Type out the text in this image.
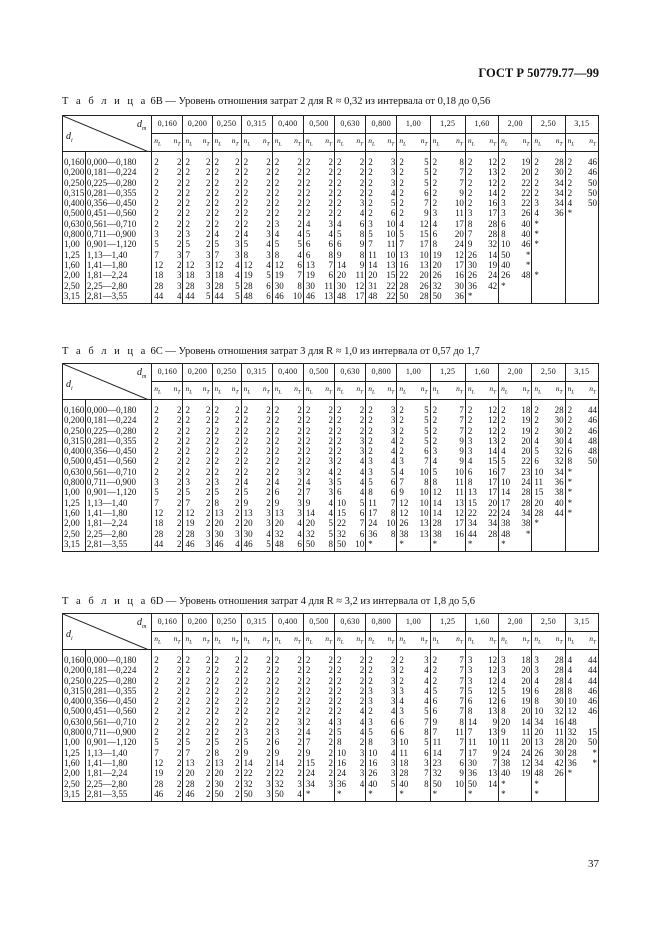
ГОСТ Р 50779.77—99
Т а б л и ц а 6В — Уровень отношения затрат 2 для R ≈ 0,32 из интервала от 0,18 до 0,56
$d_т$
$d_i$		0,160		0,200		0,250		0,315		0,400		0,500		0,630		0,800		1,00		1,25		1,60		2,00		2,50		3,15	
		$n_L$	$n_T$	$n_L$	$n_T$	$n_L$	$n_T$	$n_L$	$n_T$	$n_L$	$n_T$	$n_L$	$n_T$	$n_L$	$n_T$	$n_L$	$n_T$	$n_L$	$n_T$	$n_L$	$n_T$	$n_L$	$n_T$	$n_L$	$n_T$	$n_L$	$n_T$	$n_L$	$n_T$
0,160	0,000—0,180	2	2	2	2	2	2	2	2	2	2	2	2	2	2	2	3	2	5	2	8	2	12	2	19	2	28	2	46
0,200	0,181—0,224	2	2	2	2	2	2	2	2	2	2	2	2	2	2	2	3	2	5	2	7	2	13	2	20	2	30	2	46
0,250	0,225—0,280	2	2	2	2	2	2	2	2	2	2	2	2	2	2	2	3	2	5	2	7	2	12	2	22	2	34	2	50
0,315	0,281—0,355	2	2	2	2	2	2	2	2	2	2	2	2	2	2	2	4	2	6	2	9	2	14	2	22	2	34	2	50
0,400	0,356—0,450	2	2	2	2	2	2	2	2	2	2	2	2	2	3	2	5	2	7	2	10	2	16	3	22	3	34	4	50
0,500	0,451—0,560	2	2	2	2	2	2	2	2	2	2	2	2	2	4	2	6	2	9	3	11	3	17	3	26	4	36	*	
0,630	0,561—0,710	2	2	2	2	2	2	2	2	3	2	4	3	4	6	3	10	4	12	4	17	8	28	6	40	*			
0,800	0,711—0,900	3	2	3	2	4	2	4	3	4	4	5	4	5	8	5	10	5	15	6	20	7	28	8	40	*			
1,00	0,901—1,120	5	2	5	2	5	3	5	4	5	5	6	6	6	9	7	11	7	17	8	24	9	32	10	46	*			
1,25	1,13—1,40	7	3	7	3	7	3	8	3	8	4	6	8	9	8	11	10	13	10	19	12	26	14	50	*				
1,60	1,41—1,80	12	2	12	3	12	4	12	4	12	6	13	7	14	9	14	13	16	13	20	17	30	19	40	*				
2,00	1,81—2,24	18	3	18	3	18	4	19	5	19	7	19	6	20	11	20	15	22	20	26	16	26	24	26	48	*			
2,50	2,25—2,80	28	3	28	3	28	5	28	6	30	8	30	11	30	12	31	22	28	26	32	30	36	42	*					
3,15	2,81—3,55	44	4	44	5	44	5	48	6	46	10	46	13	48	17	48	22	50	28	50	36	*							
Т а б л и ц а 6С — Уровень отношения затрат 3 для R ≈ 1,0 из интервала от 0,57 до 1,7
$d_т$
$d_i$		0,160		0,200		0,250		0,315		0,400		0,500		0,630		0,800		1,00		1,25		1,60		2,00		2,50		3,15	
		$n_L$	$n_T$	$n_L$	$n_T$	$n_L$	$n_T$	$n_L$	$n_T$	$n_L$	$n_T$	$n_L$	$n_T$	$n_L$	$n_T$	$n_L$	$n_T$	$n_L$	$n_T$	$n_L$	$n_T$	$n_L$	$n_T$	$n_L$	$n_T$	$n_L$	$n_T$	$n_L$	$n_T$
0,160	0,000—0,180	2	2	2	2	2	2	2	2	2	2	2	2	2	2	2	3	2	5	2	7	2	12	2	18	2	28	2	44
0,200	0,181—0,224	2	2	2	2	2	2	2	2	2	2	2	2	2	2	2	3	2	5	2	7	2	12	2	19	2	30	2	46
0,250	0,225—0,280	2	2	2	2	2	2	2	2	2	2	2	2	2	2	2	3	2	5	2	7	2	12	2	19	2	30	2	46
0,315	0,281—0,355	2	2	2	2	2	2	2	2	2	2	2	2	2	3	2	4	2	5	2	9	3	13	2	20	4	30	4	48
0,400	0,356—0,450	2	2	2	2	2	2	2	2	2	2	2	2	2	3	2	4	2	6	3	9	3	14	4	20	5	32	6	48
0,500	0,451—0,560	2	2	2	2	2	2	2	2	2	2	2	3	2	4	3	4	3	7	4	9	4	15	5	22	6	32	8	50
0,630	0,561—0,710	2	2	2	2	2	2	2	2	2	3	2	4	2	4	3	5	4	10	5	10	6	16	7	23	10	34	*	
0,800	0,711—0,900	3	2	3	2	3	2	4	2	4	2	4	3	5	4	5	6	7	8	8	11	8	17	10	24	11	36	*	
1,00	0,901—1,120	5	2	5	2	5	2	5	2	6	2	7	3	6	4	8	6	9	10	12	11	13	17	14	28	15	38	*	
1,25	1,13—1,40	7	2	7	2	8	2	9	2	9	3	9	4	10	5	11	7	12	10	14	13	15	20	17	28	20	40	*	
1,60	1,41—1,80	12	2	12	2	13	2	13	3	13	3	14	4	15	6	17	8	12	10	14	12	22	22	24	34	28	44	*	
2,00	1,81—2,24	18	2	19	2	20	2	20	3	20	4	20	5	22	7	24	10	26	13	28	17	34	34	38	38	*			
2,50	2,25—2,80	28	2	28	3	30	3	30	4	32	4	32	5	32	6	36	8	38	13	38	16	44	28	48	*				
3,15	2,81—3,55	44	2	46	3	46	4	46	5	48	6	50	8	50	10	*		*		*		*		*					
Т а б л и ц а 6D — Уровень отношения затрат 4 для R ≈ 3,2 из интервала от 1,8 до 5,6
$d_т$
$d_i$		0,160		0,200		0,250		0,315		0,400		0,500		0,630		0,800		1,00		1,25		1,60		2,00		2,50		3,15	
		$n_L$	$n_T$	$n_L$	$n_T$	$n_L$	$n_T$	$n_L$	$n_T$	$n_L$	$n_T$	$n_L$	$n_T$	$n_L$	$n_T$	$n_L$	$n_T$	$n_L$	$n_T$	$n_L$	$n_T$	$n_L$	$n_T$	$n_L$	$n_T$	$n_L$	$n_T$	$n_L$	$n_T$
0,160	0,000—0,180	2	2	2	2	2	2	2	2	2	2	2	2	2	2	2	2	2	3	2	7	3	12	3	18	3	28	4	44
0,200	0,181—0,224	2	2	2	2	2	2	2	2	2	2	2	2	2	2	2	3	2	4	2	7	3	12	3	20	3	28	4	44
0,250	0,225—0,280	2	2	2	2	2	2	2	2	2	2	2	2	2	2	2	3	2	4	2	7	3	12	4	20	4	28	4	44
0,315	0,281—0,355	2	2	2	2	2	2	2	2	2	2	2	2	2	2	3	3	3	4	5	7	5	12	5	19	6	28	8	46
0,400	0,356—0,450	2	2	2	2	2	2	2	2	2	2	2	2	2	2	3	3	4	4	6	7	6	12	6	19	8	30	10	46
0,500	0,451—0,560	2	2	2	2	2	2	2	2	2	2	2	2	2	4	2	4	3	5	6	7	8	13	8	20	10	32	12	46
0,630	0,561—0,710	2	2	2	2	2	2	2	2	2	3	2	4	3	4	3	6	6	7	9	8	14	9	20	14	34	16	48	
0,800	0,711—0,900	2	2	2	2	2	2	3	2	3	2	4	2	5	4	5	6	6	8	7	11	7	13	9	11	20	11	32	15
1,00	0,901—1,120	5	2	5	2	5	2	5	2	6	2	7	2	8	2	8	3	10	5	11	7	11	10	11	20	13	28	20	50
1,25	1,13—1,40	7	2	7	2	8	2	9	2	9	2	9	2	10	3	10	4	11	6	14	7	17	9	24	24	26	30	28	*
1,60	1,41—1,80	12	2	13	2	13	2	14	2	14	2	15	2	16	2	16	3	18	3	23	6	30	7	38	12	34	42	36	*
2,00	1,81—2,24	19	2	20	2	20	2	22	2	22	2	24	2	24	3	26	3	28	7	32	9	36	13	40	19	48	26	*	
2,50	2,25—2,80	28	2	28	2	30	2	32	3	32	3	34	3	36	4	40	5	40	8	50	10	50	14	*		*			
3,15	2,81—3,55	46	2	46	2	50	2	50	3	50	4	*		*		*		*		*		*		*		*			
37
